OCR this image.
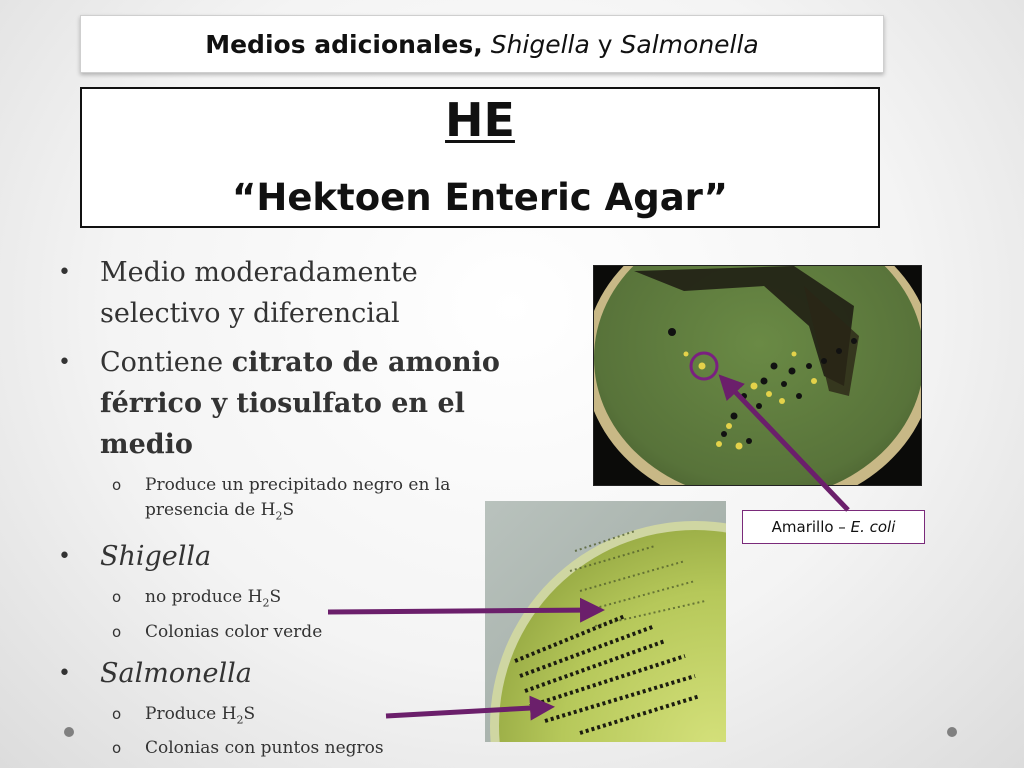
Medios adicionales,
Shigella
y
Salmonella
HE
“Hektoen Enteric Agar”
• Medio moderadamente selectivo y diferencial
• Contiene citrato de amonio férrico y tiosulfato en el medio
o Produce un precipitado negro en la presencia de $H_2S$
• Shigella
o no produce $H_2S$
o Colonias color verde
• Salmonella
o Produce $H_2S$
o Colonias con puntos negros
Amarillo –
E. coli
